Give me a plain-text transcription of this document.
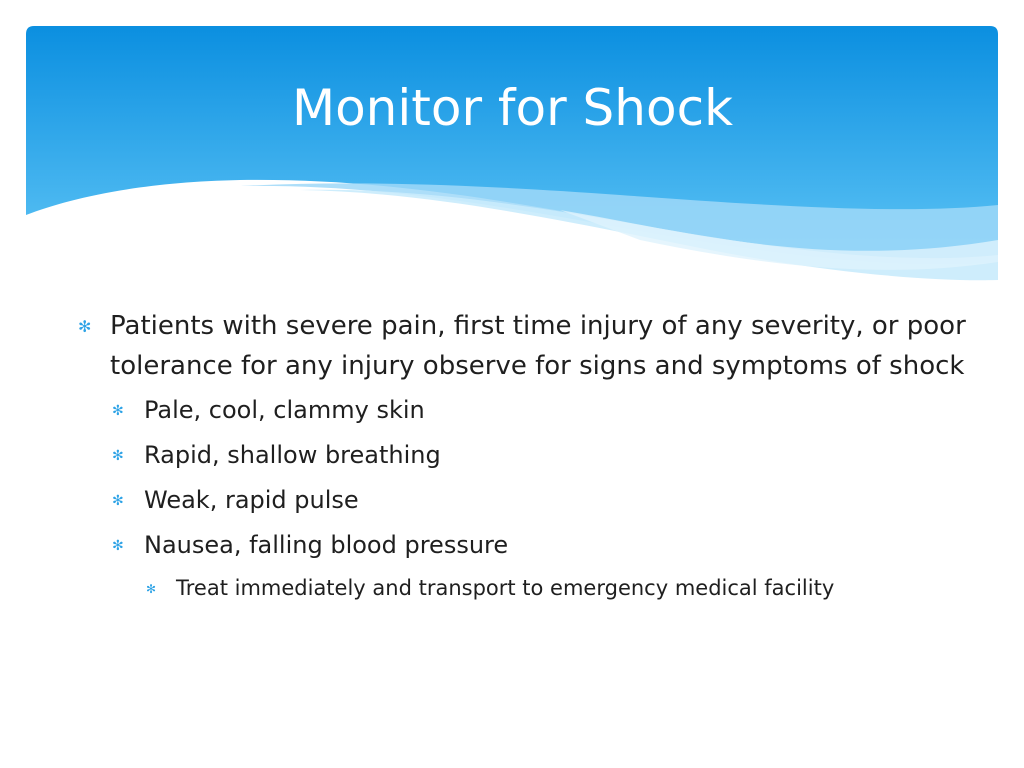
Monitor for Shock
✻ Patients with severe pain, first time injury of any severity, or poor tolerance for any injury observe for signs and symptoms of shock
✻ Pale, cool, clammy skin
✻ Rapid, shallow breathing
✻ Weak, rapid pulse
✻ Nausea, falling blood pressure
✻ Treat immediately and transport to emergency medical facility
